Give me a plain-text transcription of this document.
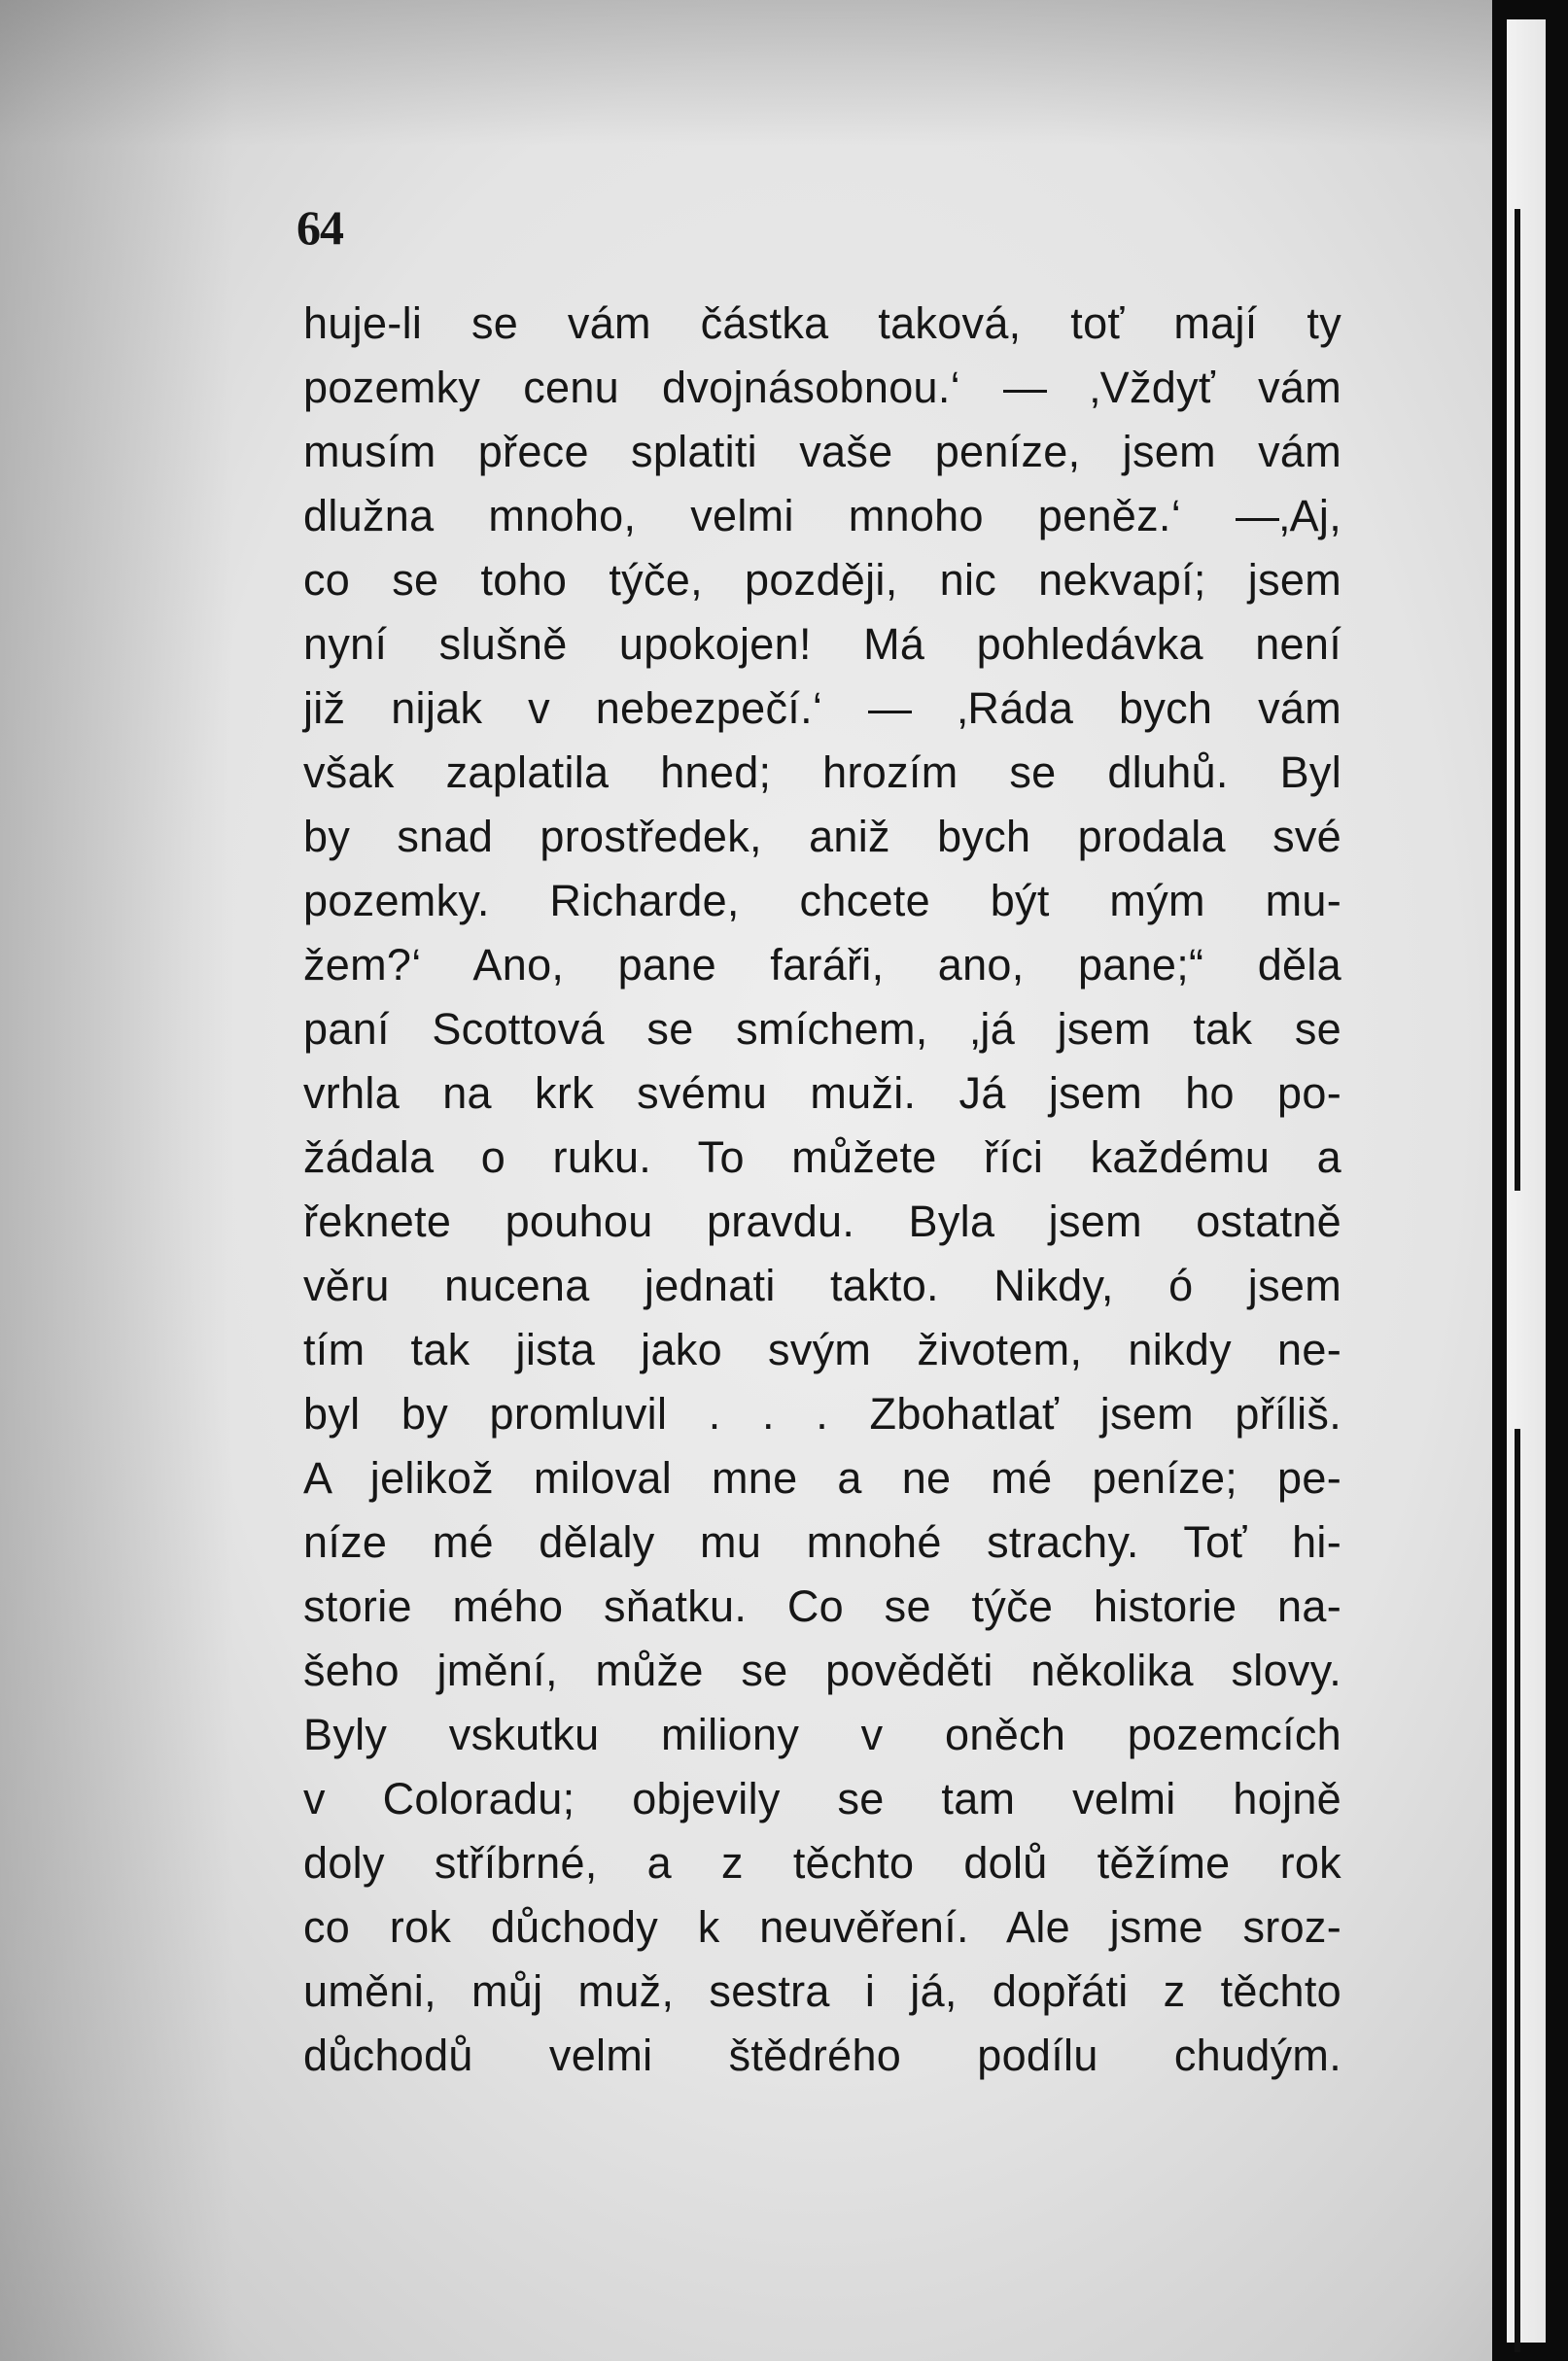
64
huje-li se vám částka taková, toť mají ty
pozemky cenu dvojnásobnou.‘ — ‚Vždyť vám
musím přece splatiti vaše peníze, jsem vám
dlužna mnoho, velmi mnoho peněz.‘ —‚Aj,
co se toho týče, později, nic nekvapí; jsem
nyní slušně upokojen! Má pohledávka není
již nijak v nebezpečí.‘ — ‚Ráda bych vám
však zaplatila hned; hrozím se dluhů. Byl
by snad prostředek, aniž bych prodala své
pozemky. Richarde, chcete být mým mu-
žem?‘ Ano, pane faráři, ano, pane;“ děla
paní Scottová se smíchem, ‚já jsem tak se
vrhla na krk svému muži. Já jsem ho po-
žádala o ruku. To můžete říci každému a
řeknete pouhou pravdu. Byla jsem ostatně
věru nucena jednati takto. Nikdy, ó jsem
tím tak jista jako svým životem, nikdy ne-
byl by promluvil . . . Zbohatlať jsem příliš.
A jelikož miloval mne a ne mé peníze; pe-
níze mé dělaly mu mnohé strachy. Toť hi-
storie mého sňatku. Co se týče historie na-
šeho jmění, může se pověděti několika slovy.
Byly vskutku miliony v oněch pozemcích
v Coloradu; objevily se tam velmi hojně
doly stříbrné, a z těchto dolů těžíme rok
co rok důchody k neuvěření. Ale jsme sroz-
uměni, můj muž, sestra i já, dopřáti z těchto
důchodů velmi štědrého podílu chudým.
